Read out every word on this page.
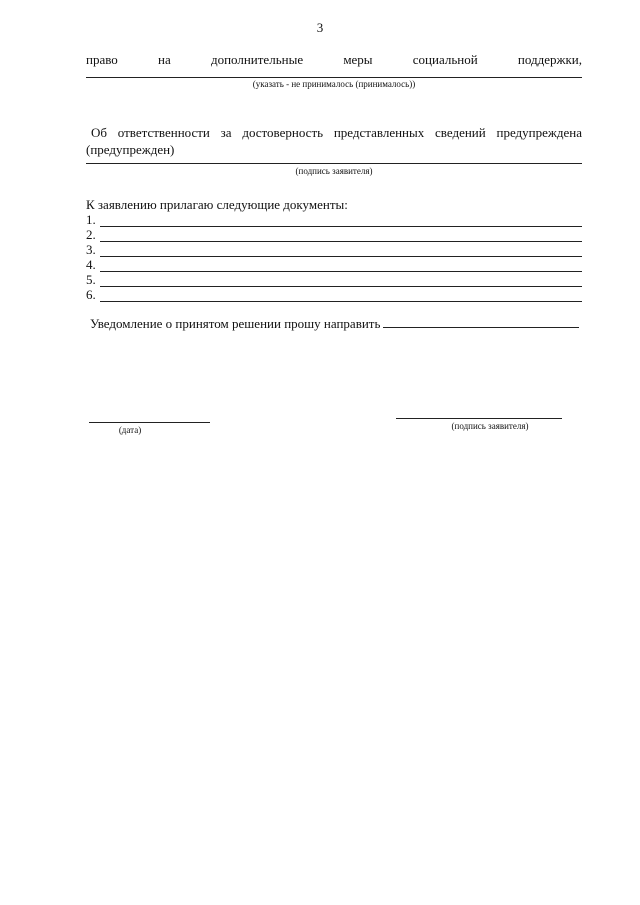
3
право	на	дополнительные	меры	социальной	поддержки,
(указать - не принималось (принималось))
Об ответственности за достоверность представленных сведений предупреждена
(предупрежден)
(подпись заявителя)
К заявлению прилагаю следующие документы:
1.
2.
3.
4.
5.
6.
Уведомление о принятом решении прошу направить
(дата)	(подпись заявителя)
